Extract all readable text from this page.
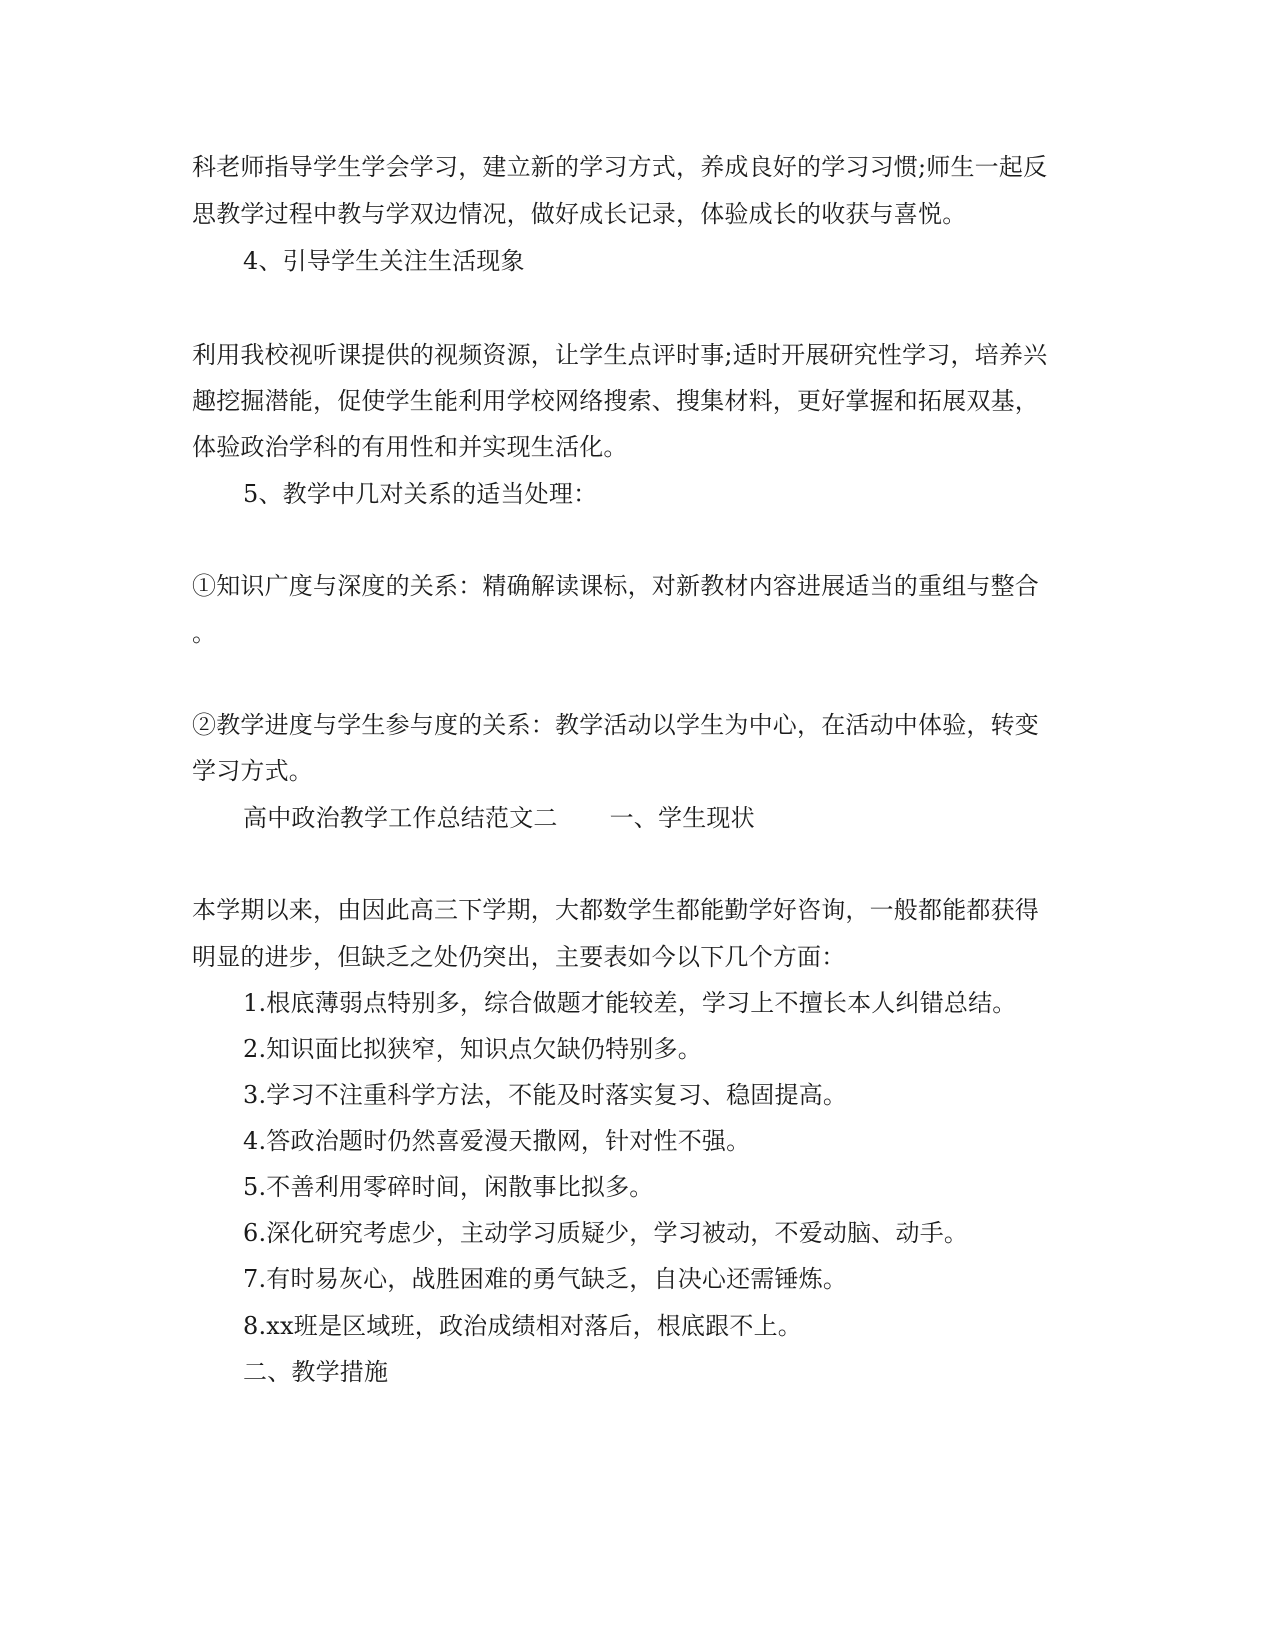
科老师指导学生学会学习，建立新的学习方式，养成良好的学习习惯;师生一起反
思教学过程中教与学双边情况，做好成长记录，体验成长的收获与喜悦。
4、引导学生关注生活现象
利用我校视听课提供的视频资源，让学生点评时事;适时开展研究性学习，培养兴
趣挖掘潜能，促使学生能利用学校网络搜索、搜集材料，更好掌握和拓展双基，
体验政治学科的有用性和并实现生活化。
5、教学中几对关系的适当处理：
①知识广度与深度的关系：精确解读课标，对新教材内容进展适当的重组与整合
。
②教学进度与学生参与度的关系：教学活动以学生为中心，在活动中体验，转变
学习方式。
高中政治教学工作总结范文二 一、学生现状
本学期以来，由因此高三下学期，大都数学生都能勤学好咨询，一般都能都获得
明显的进步，但缺乏之处仍突出，主要表如今以下几个方面：
1.根底薄弱点特别多，综合做题才能较差，学习上不擅长本人纠错总结。
2.知识面比拟狭窄，知识点欠缺仍特别多。
3.学习不注重科学方法，不能及时落实复习、稳固提高。
4.答政治题时仍然喜爱漫天撒网，针对性不强。
5.不善利用零碎时间，闲散事比拟多。
6.深化研究考虑少，主动学习质疑少，学习被动，不爱动脑、动手。
7.有时易灰心，战胜困难的勇气缺乏，自决心还需锤炼。
8.xx班是区域班，政治成绩相对落后，根底跟不上。
二、教学措施
